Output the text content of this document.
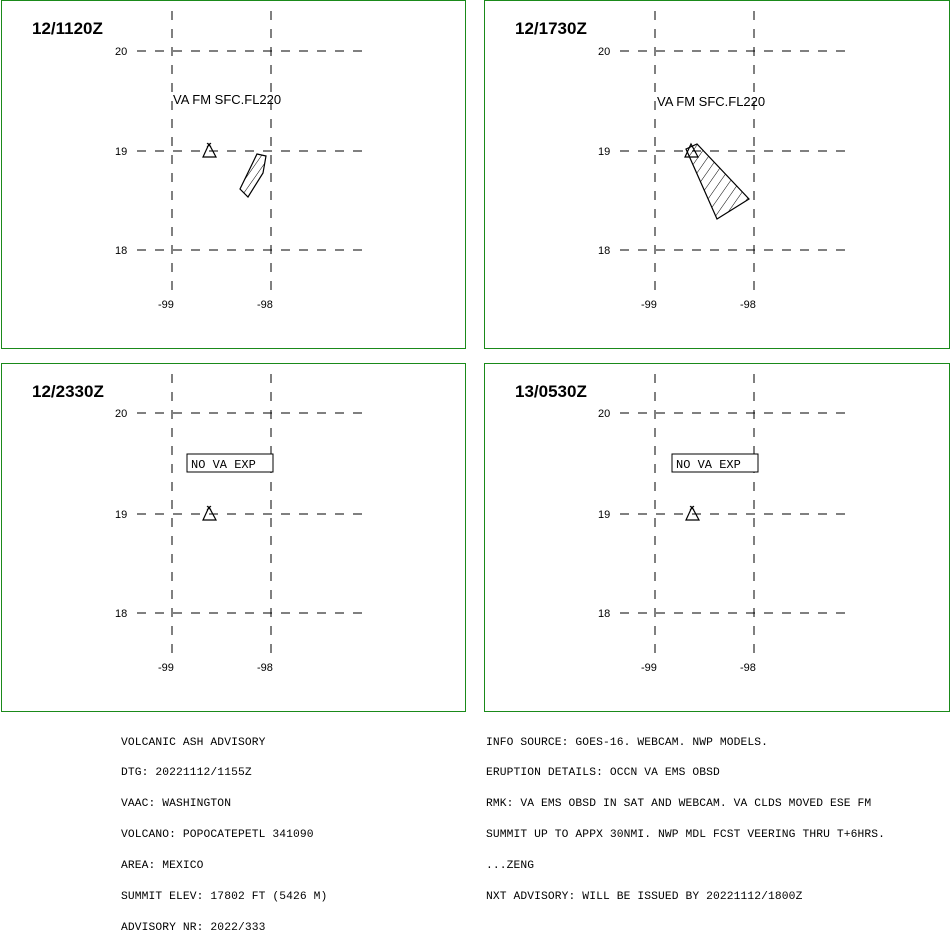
20
19
18
-99	-98
VA FM SFC.FL220
12/1120Z
20
19
18
-99	-98
VA FM SFC.FL220
12/1730Z
20
19
18
-99	-98
NO VA EXP
12/2330Z
20
19
18
-99	-98
NO VA EXP
13/0530Z

VOLCANIC ASH ADVISORY

DTG: 20221112/1155Z

VAAC: WASHINGTON

VOLCANO: POPOCATEPETL 341090

AREA: MEXICO

SUMMIT ELEV: 17802 FT (5426 M)

ADVISORY NR: 2022/333

INFO SOURCE: GOES-16. WEBCAM. NWP MODELS.

ERUPTION DETAILS: OCCN VA EMS OBSD

RMK: VA EMS OBSD IN SAT AND WEBCAM. VA CLDS MOVED ESE FM

SUMMIT UP TO APPX 30NMI. NWP MDL FCST VEERING THRU T+6HRS.

...ZENG

NXT ADVISORY: WILL BE ISSUED BY 20221112/1800Z
